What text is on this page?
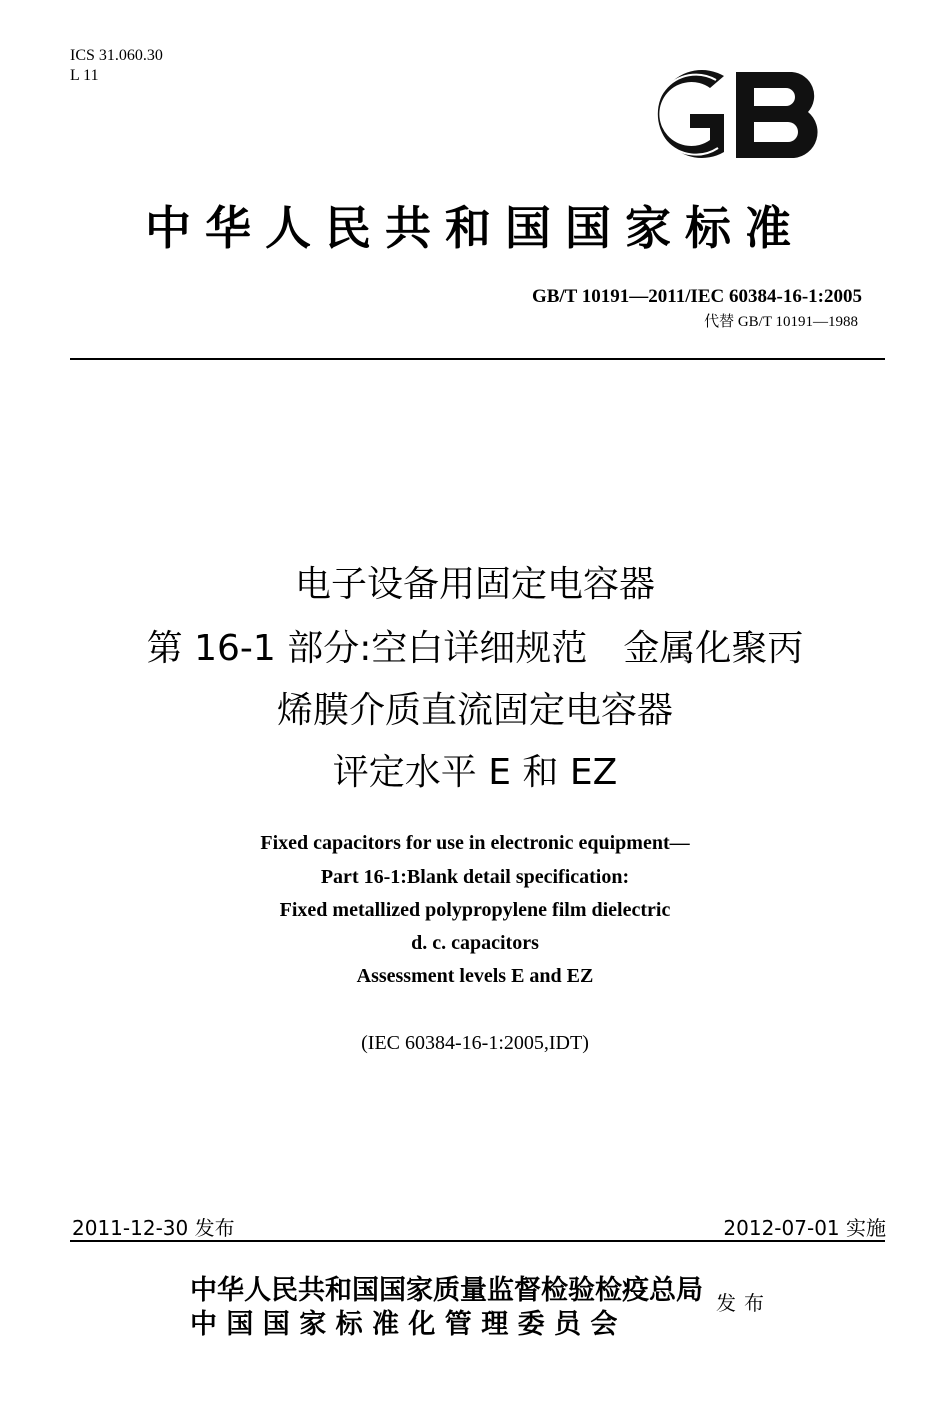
ICS 31.060.30
L 11
中华人民共和国国家标准
GB/T 10191—2011/IEC 60384-16-1:2005
代替 GB/T 10191—1988
电子设备用固定电容器
第 16-1 部分:空白详细规范　金属化聚丙
烯膜介质直流固定电容器
评定水平 E 和 EZ
Fixed capacitors for use in electronic equipment—
Part 16-1:Blank detail specification:
Fixed metallized polypropylene film dielectric
d. c. capacitors
Assessment levels E and EZ
(IEC 60384-16-1:2005,IDT)
2011-12-30 发布	2012-07-01 实施
中华人民共和国国家质量监督检验检疫总局
中 国 国 家 标 准 化 管 理 委 员 会
发布
